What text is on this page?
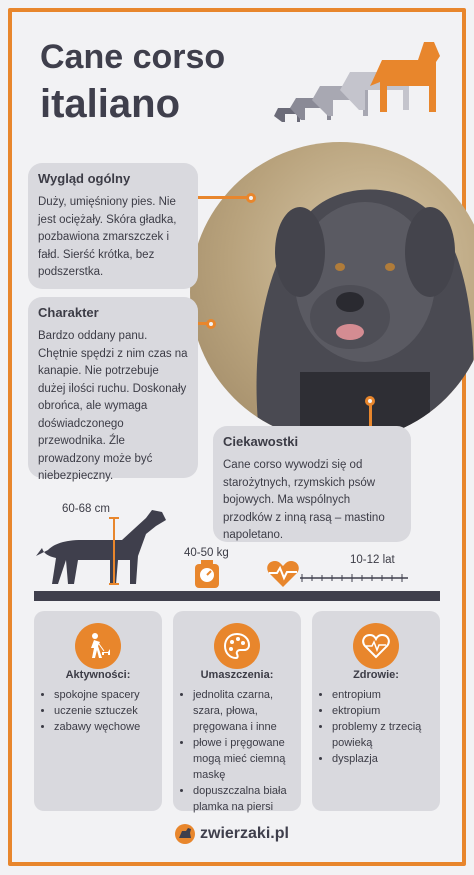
Cane corso
italiano
Wygląd ogólny

Duży, umięśniony pies. Nie jest ociężały. Skóra gładka, pozbawiona zmarszczek i fałd. Sierść krótka, bez podszerstka.

Charakter

Bardzo oddany panu. Chętnie spędzi z nim czas na kanapie. Nie potrzebuje dużej ilości ruchu. Doskonały obrońca, ale wymaga doświadczonego przewodnika. Źle prowadzony może być niebezpieczny.

Ciekawostki

Cane corso wywodzi się od starożytnych, rzymskich psów bojowych. Ma wspólnych przodków z inną rasą – mastino napoletano.

60-68 cm
40-50 kg
10-12 lat
Aktywności:
• spokojne spacery
• uczenie sztuczek
• zabawy węchowe
Umaszczenia:
• jednolita czarna, szara, płowa, pręgowana i inne
• płowe i pręgowane mogą mieć ciemną maskę
• dopuszczalna biała plamka na piersi
Zdrowie:
• entropium
• ektropium
• problemy z trzecią powieką
• dysplazja
zwierzaki.pl
